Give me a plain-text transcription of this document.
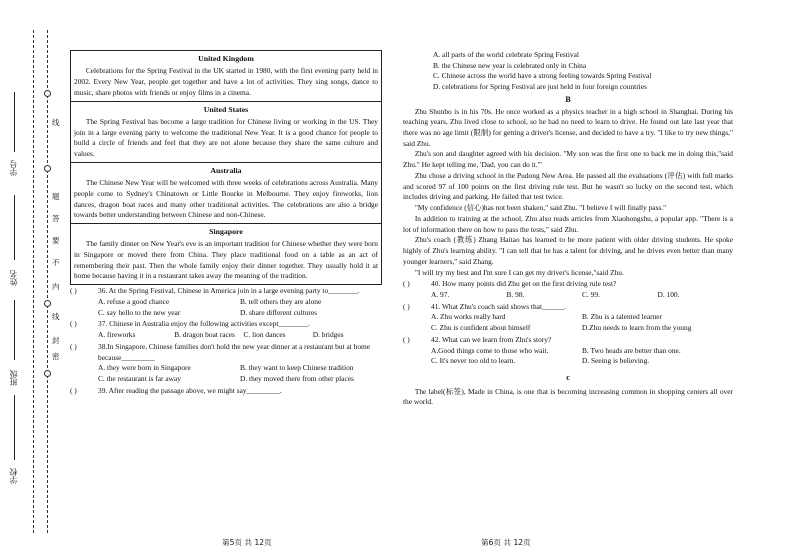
学号
姓名
班级
学校
线
题
答
要
不
内
线
封
密
United Kingdom
Celebrations for the Spring Festival in the UK started in 1980, with the first evening party held in 2002. Every New Year, people get together and have a lot of activities. They sing songs, dance to music, share photos with friends or enjoy films in a cinema.
United States
The Spring Festival has become a large tradition for Chinese living or working in the US. They join in a large evening party to welcome the traditional New Year. It is a good chance for people to build a circle of friends and feel that they are not alone because they share the same culture and values.
Australia
The Chinese New Year will be welcomed with three weeks of celebrations across Australia. Many people come to Sydney's Chinatown or Little Bourke in Melbourne. They enjoy fireworks, lion dances, dragon boat races and many other traditional activities. The celebrations are also a bridge towards better understanding between Chinese and non-Chinese.
Singapore
The family dinner on New Year's eve is an important tradition for Chinese whether they were born in Singapore or moved there from China. They place traditional food on a table as an act of remembering their past. Then the whole family enjoy their dinner together. They usually hold it at home because having it in a restaurant takes away the meaning of the tradition.
( )	36. At the Spring Festival, Chinese in America join in a large evening party to________.
A. refuse a good chance	B. tell others they are alone
C. say hello to the new year	D. share different cultures
( )	37. Chinese in Australia enjoy the following activities except________.
A. fireworks	B. dragon boat races	C. lion dances	D. bridges
( )	38.In Singapore, Chinese families don't hold the new year dinner at a restaurant but at home because_________
A. they were born in Singapore	B. they want to keep Chinese tradition
C. the restaurant is far away	D. they moved there from other places
( )	39. After reading the passage above, we might say_________.
第5页 共 12页
A. all parts of the world celebrate Spring Festival
B. the Chinese new year is celebrated only in China
C. Chinese across the world have a strong feeling towards Spring Festival
D. celebrations for Spring Festival are just held in four foreign countries
B
Zhu Shunbo is in his 70s. He once worked as a physics teacher in a high school in Shanghai. During his teaching years, Zhu lived close to school, so he had no need to learn to drive. He found out late last year that there was no age limit (限制) for getting a driver's license, and decided to have a try. "I like to try new things," said Zhu.
Zhu's son and daughter agreed with his decision. "My son was the first one to back me in doing this,"said Zhu." He kept telling me, 'Dad, you can do it.'"
Zhu chose a driving school in the Pudong New Area. He passed all the evaluations (评估) with full marks and scored 97 of 100 points on the first driving rule test. But he wasn't so lucky on the second test, which includes driving and parking. He failed that test twice.
"My confidence (信心)has not been shaken," said Zhu. "I believe I will finally pass."
In addition to training at the school, Zhu also reads articles from Xiaohongshu, a popular app. "There is a lot of information there on how to pass the tests," said Zhu.
Zhu's coach (教练) Zhang Haitao has learned to be more patient with older driving students. He spoke highly of Zhu's learning ability. "I can tell that he has a talent for driving, and he drives even better than many younger learners," said Zhang.
"I will try my best and I'm sure I can get my driver's license,"said Zhu.
( )	40. How many points did Zhu get on the first driving rule test?
A. 97.	B. 98.	C. 99.	D. 100.
( )	41. What Zhu's coach said shows that______.
A. Zhu works really hard	B. Zhu is a talented learner
C. Zhu is confident about himself	D.Zhu needs to learn from the young
( )	42. What can we learn from Zhu's story?
A.Good things come to those who wait.	B. Two heads are better than one.
C. It's never too old to learn.	D. Seeing is believing.
c
The label(标签), Made in China, is one that is becoming increasing common in shopping centers all over the world.
第6页 共 12页
